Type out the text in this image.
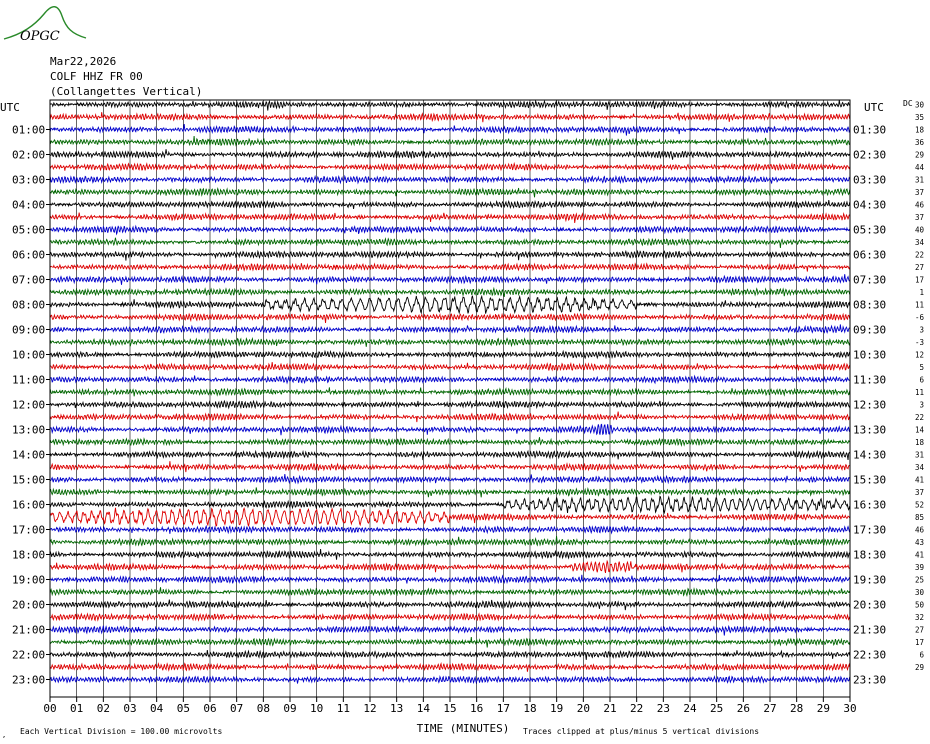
OPGC
00 01 02 03 04 05 06 07 08 09 10 11 12 13 14 15 16 17 18 19 20 21 22 23 24 25 26 27 28 29 30
01:00
02:00
03:00
04:00
05:00
06:00
07:00
08:00
09:00
10:00
11:00
12:00
13:00
14:00
15:00
16:00
17:00
18:00
19:00
20:00
21:00
22:00
23:00
01:30
02:30
03:30
04:30
05:30
06:30
07:30
08:30
09:30
10:30
11:30
12:30
13:30
14:30
15:30
16:30
17:30
18:30
19:30
20:30
21:30
22:30
23:30
30
35
18
36
29
44
31
37
46
37
40
34
22
27
17
1
11
-6
3
-3
12
5
6
11
3
22
14
18
31
34
41
37
52
85
46
43
41
39
25
30
50
32
27
17
6
29
UTC	UTC DC
TIME (MINUTES)
Each Vertical Division = 100.00 microvolts	Traces clipped at plus/minus 5 vertical divisions
,
Mar22,2026
COLF HHZ FR 00
(Collangettes Vertical)
